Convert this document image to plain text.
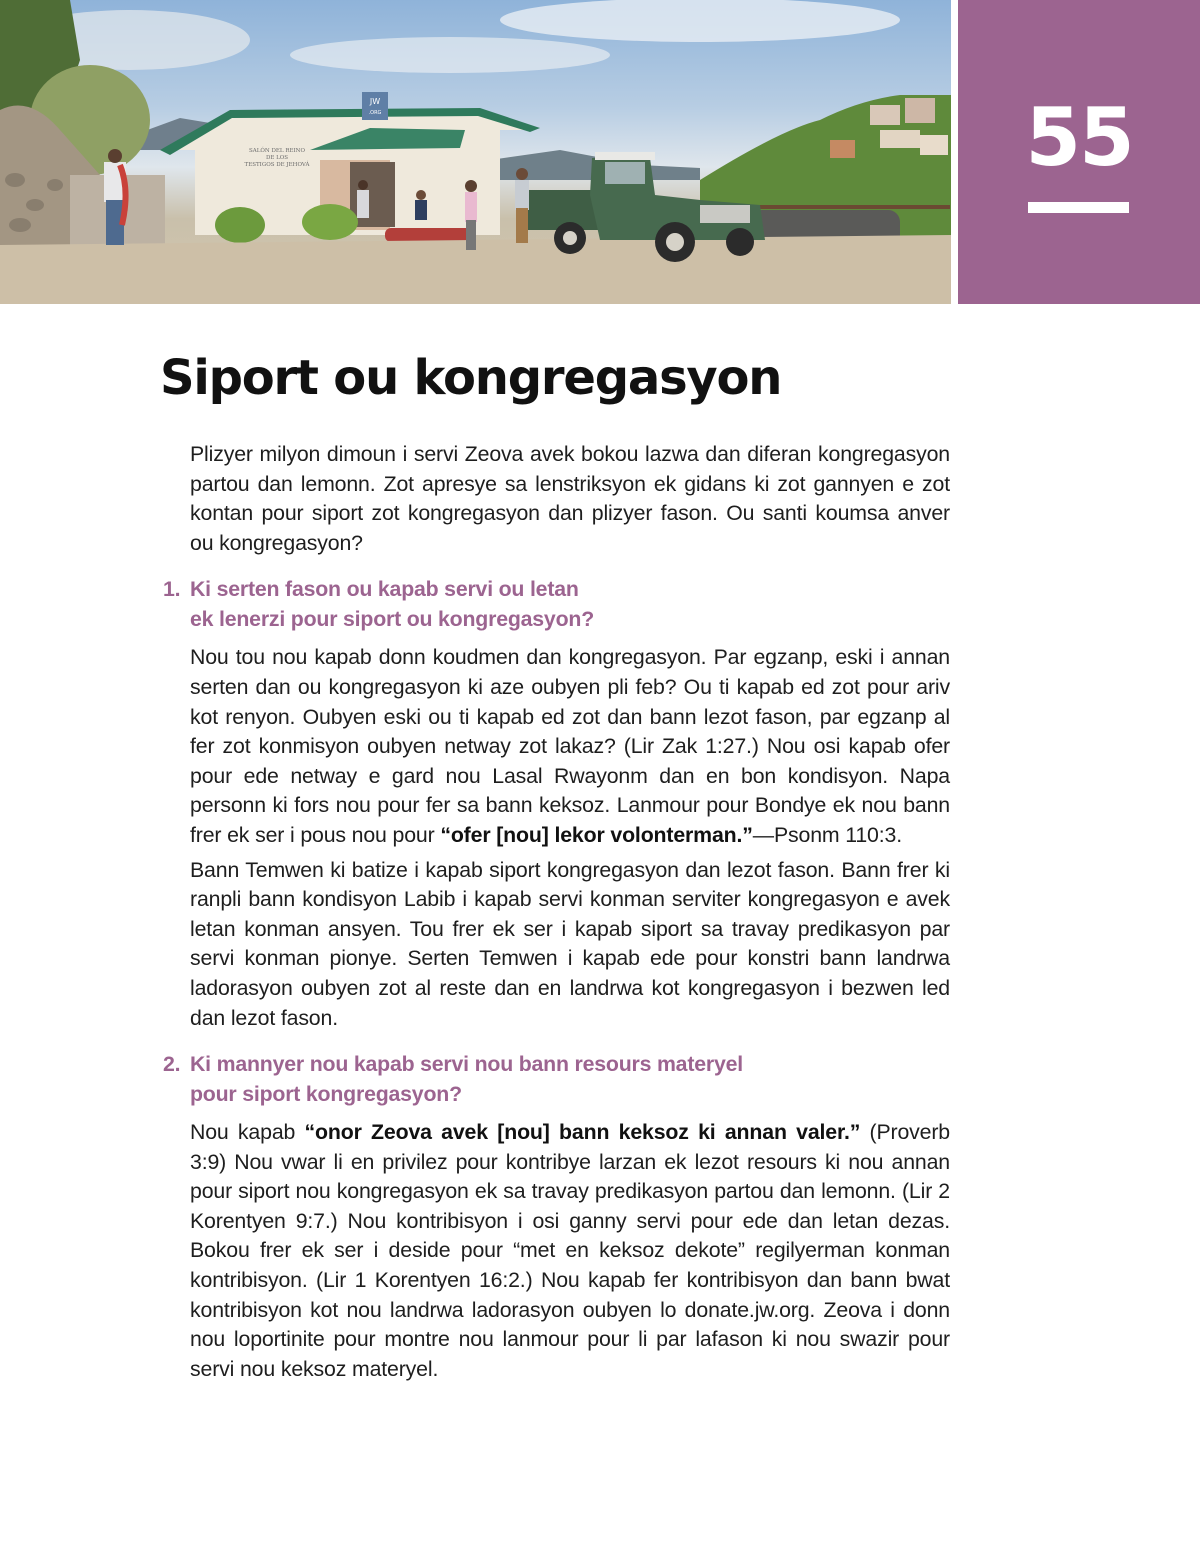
JW
.ORG
SALÓN DEL REINO
DE LOS
TESTIGOS DE JEHOVÁ	55
Siport ou kongregasyon

Plizyer milyon dimoun i servi Zeova avek bokou lazwa dan diferan kongregasyon partou dan lemonn. Zot apresye sa lenstriksyon ek gidans ki zot gannyen e zot kontan pour siport zot kongregasyon dan plizyer fason. Ou santi koumsa anver ou kongregasyon?

1. Ki serten fason ou kapab servi ou letan
ek lenerzi pour siport ou kongregasyon?

Nou tou nou kapab donn koudmen dan kongregasyon. Par egzanp, eski i annan serten dan ou kongregasyon ki aze oubyen pli feb? Ou ti kapab ed zot pour ariv kot renyon. Oubyen eski ou ti kapab ed zot dan bann lezot fason, par egzanp al fer zot konmisyon oubyen netway zot lakaz? (Lir Zak 1:27.) Nou osi kapab ofer pour ede netway e gard nou Lasal Rwayonm dan en bon kondisyon. Napa personn ki fors nou pour fer sa bann keksoz. Lanmour pour Bondye ek nou bann frer ek ser i pous nou pour “ofer [nou] lekor volonterman.”—Psonm 110:3.

Bann Temwen ki batize i kapab siport kongregasyon dan lezot fason. Bann frer ki ranpli bann kondisyon Labib i kapab servi konman serviter kongregasyon e avek letan konman ansyen. Tou frer ek ser i kapab siport sa travay predikasyon par servi konman pionye. Serten Temwen i kapab ede pour konstri bann landrwa ladorasyon oubyen zot al reste dan en landrwa kot kongregasyon i bezwen led dan lezot fason.

2. Ki mannyer nou kapab servi nou bann resours materyel
pour siport kongregasyon?

Nou kapab “onor Zeova avek [nou] bann keksoz ki annan valer.” (Proverb 3:9) Nou vwar li en privilez pour kontribye larzan ek lezot resours ki nou annan pour siport nou kongregasyon ek sa travay predikasyon partou dan lemonn. (Lir 2 Korentyen 9:7.) Nou kontribisyon i osi ganny servi pour ede dan letan dezas. Bokou frer ek ser i deside pour “met en keksoz dekote” regilyerman konman kontribisyon. (Lir 1 Korentyen 16:2.) Nou kapab fer kontribisyon dan bann bwat kontribisyon kot nou landrwa ladorasyon oubyen lo donate.jw.org. Zeova i donn nou loportinite pour montre nou lanmour pour li par lafason ki nou swazir pour servi nou keksoz materyel.
